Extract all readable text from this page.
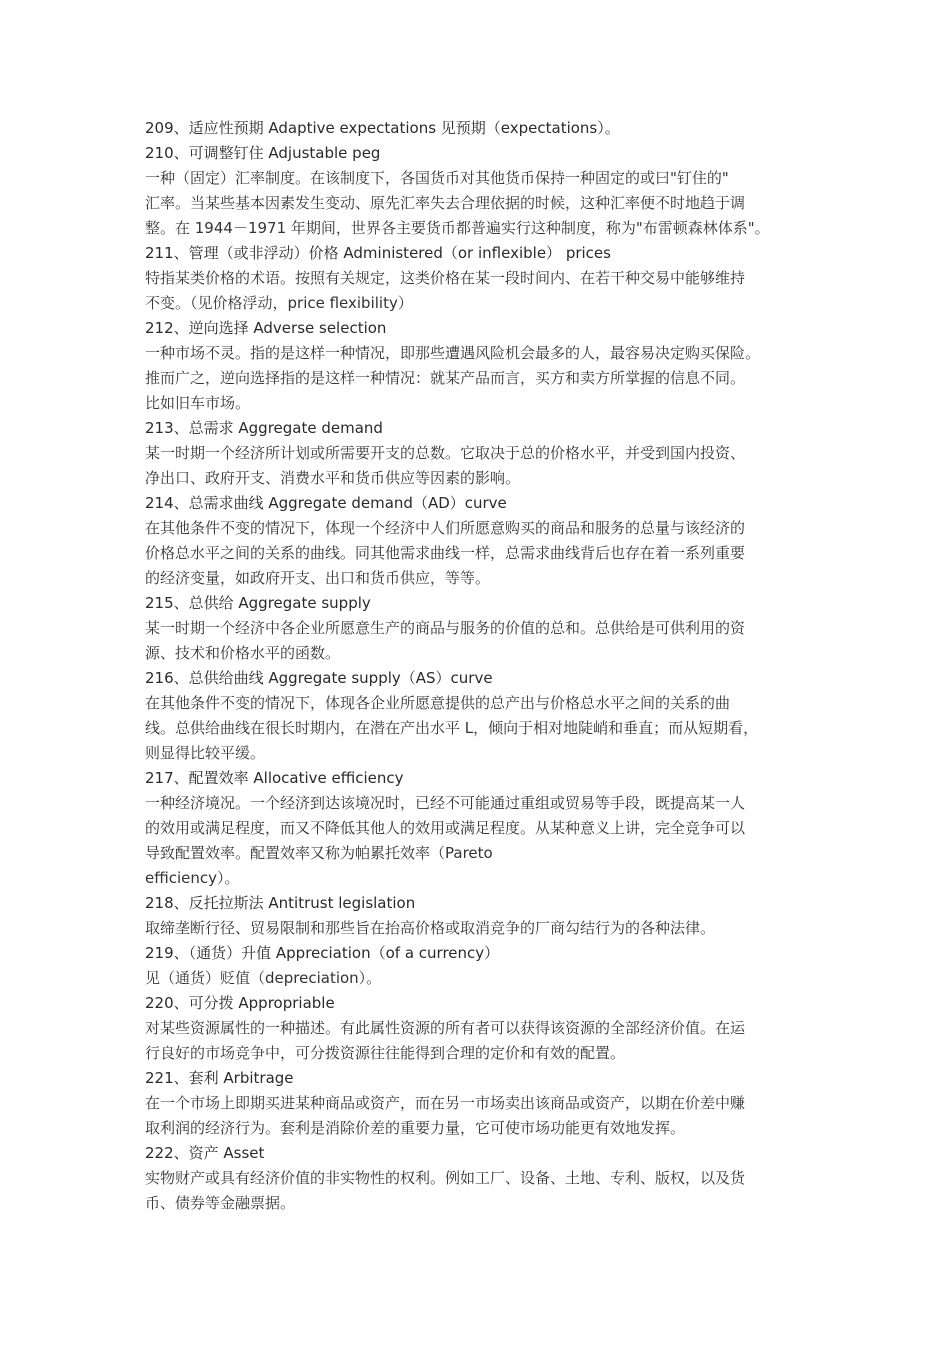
209、适应性预期 Adaptive expectations 见预期（expectations）。
210、可调整钉住 Adjustable peg
一种（固定）汇率制度。在该制度下，各国货币对其他货币保持一种固定的或曰"钉住的"
汇率。当某些基本因素发生变动、原先汇率失去合理依据的时候，这种汇率便不时地趋于调
整。在 1944－1971 年期间，世界各主要货币都普遍实行这种制度，称为"布雷顿森林体系"。
211、管理（或非浮动）价格 Administered（or inflexible） prices
特指某类价格的术语。按照有关规定，这类价格在某一段时间内、在若干种交易中能够维持
不变。（见价格浮动，price flexibility）
212、逆向选择 Adverse selection
一种市场不灵。指的是这样一种情况，即那些遭遇风险机会最多的人，最容易决定购买保险。
推而广之，逆向选择指的是这样一种情况：就某产品而言，买方和卖方所掌握的信息不同。
比如旧车市场。
213、总需求 Aggregate demand
某一时期一个经济所计划或所需要开支的总数。它取决于总的价格水平，并受到国内投资、
净出口、政府开支、消费水平和货币供应等因素的影响。
214、总需求曲线 Aggregate demand（AD）curve
在其他条件不变的情况下，体现一个经济中人们所愿意购买的商品和服务的总量与该经济的
价格总水平之间的关系的曲线。同其他需求曲线一样，总需求曲线背后也存在着一系列重要
的经济变量，如政府开支、出口和货币供应，等等。
215、总供给 Aggregate supply
某一时期一个经济中各企业所愿意生产的商品与服务的价值的总和。总供给是可供利用的资
源、技术和价格水平的函数。
216、总供给曲线 Aggregate supply（AS）curve
在其他条件不变的情况下，体现各企业所愿意提供的总产出与价格总水平之间的关系的曲
线。总供给曲线在很长时期内，在潜在产出水平 L，倾向于相对地陡峭和垂直；而从短期看，
则显得比较平缓。
217、配置效率 Allocative efficiency
一种经济境况。一个经济到达该境况时，已经不可能通过重组或贸易等手段，既提高某一人
的效用或满足程度，而又不降低其他人的效用或满足程度。从某种意义上讲，完全竞争可以
导致配置效率。配置效率又称为帕累托效率（Pareto
efficiency）。
218、反托拉斯法 Antitrust legislation
取缔垄断行径、贸易限制和那些旨在抬高价格或取消竞争的厂商勾结行为的各种法律。
219、（通货）升值 Appreciation（of a currency）
见（通货）贬值（depreciation）。
220、可分拨 Appropriable
对某些资源属性的一种描述。有此属性资源的所有者可以获得该资源的全部经济价值。在运
行良好的市场竞争中，可分拨资源往往能得到合理的定价和有效的配置。
221、套利 Arbitrage
在一个市场上即期买进某种商品或资产，而在另一市场卖出该商品或资产，以期在价差中赚
取利润的经济行为。套利是消除价差的重要力量，它可使市场功能更有效地发挥。
222、资产 Asset
实物财产或具有经济价值的非实物性的权利。例如工厂、设备、土地、专利、版权，以及货
币、债券等金融票据。
